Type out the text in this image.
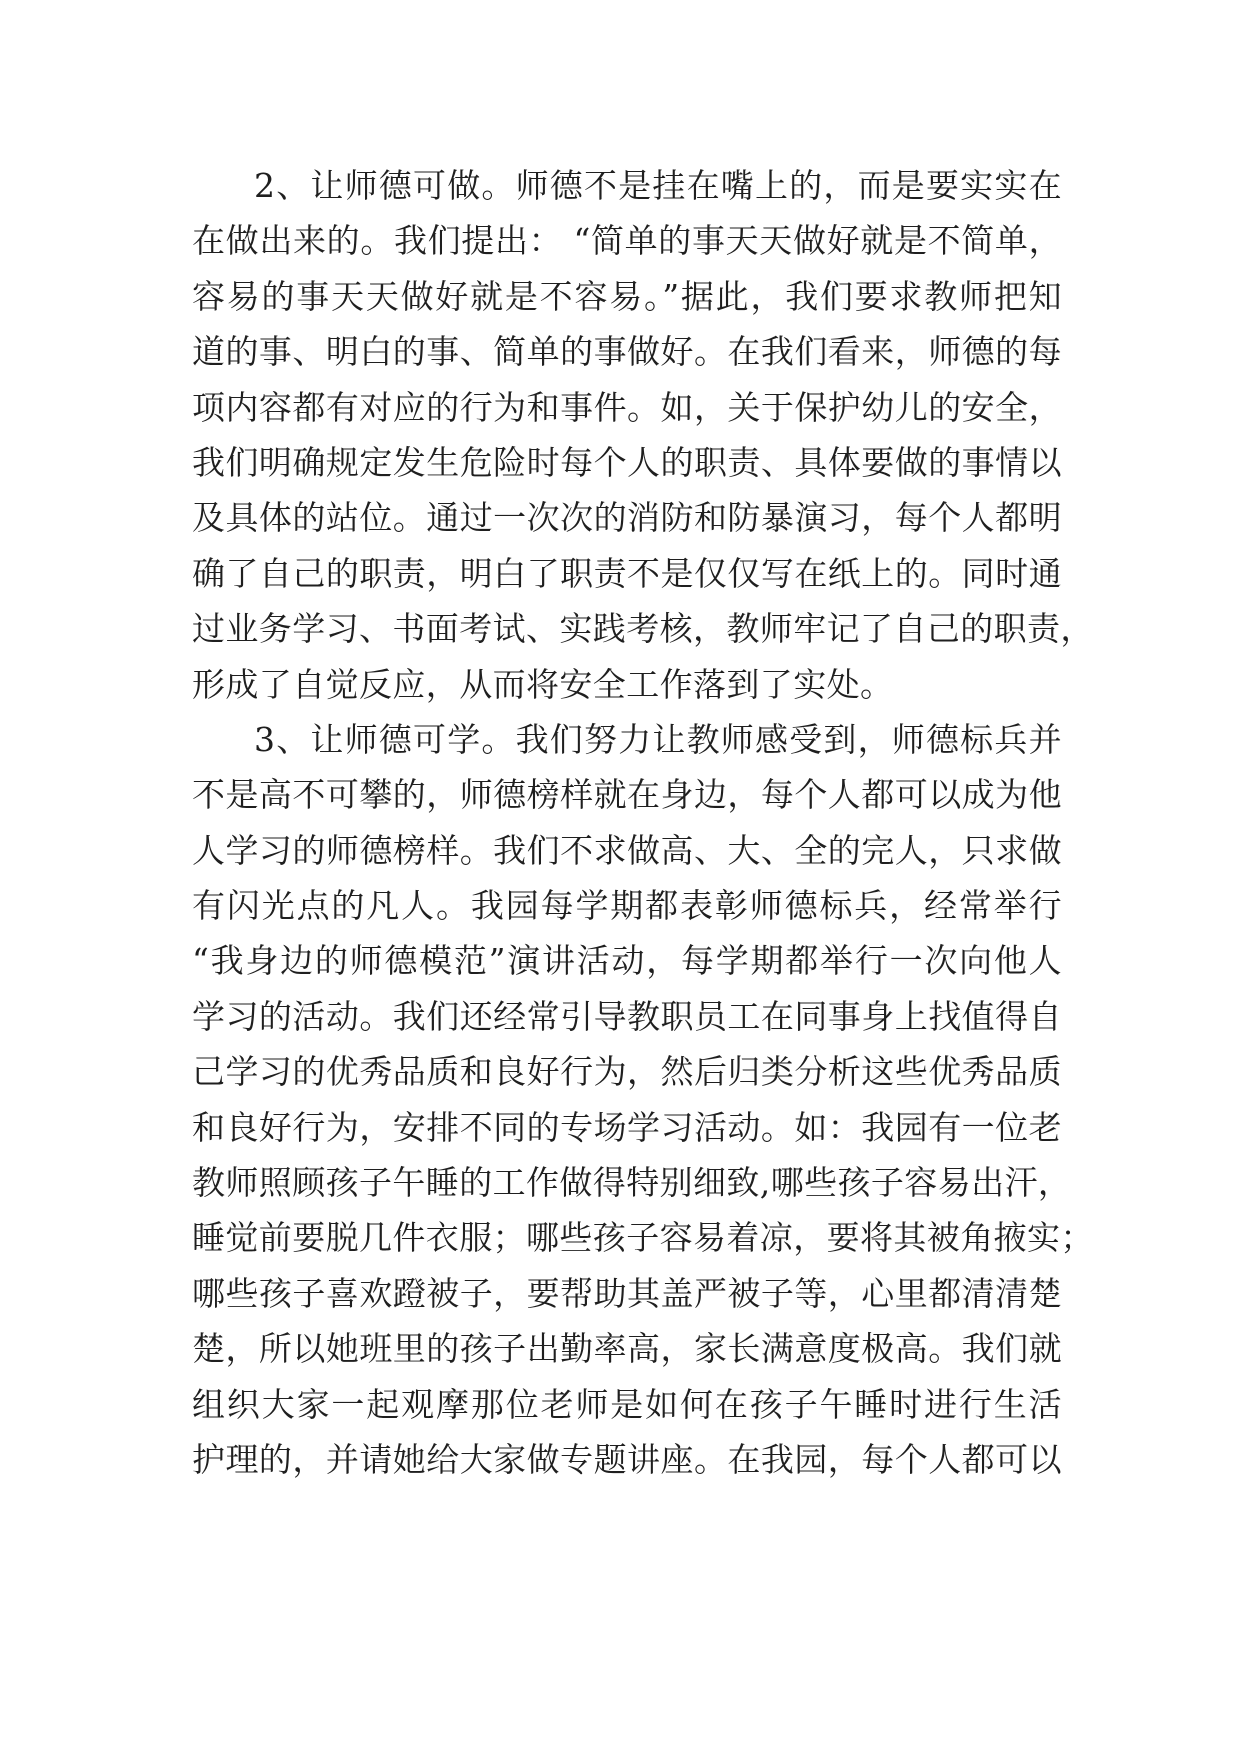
2、让师德可做。师德不是挂在嘴上的，而是要实实在
在做出来的。我们提出： “简单的事天天做好就是不简单，
容易的事天天做好就是不容易。”据此，我们要求教师把知
道的事、明白的事、简单的事做好。在我们看来，师德的每
项内容都有对应的行为和事件。如，关于保护幼儿的安全，
我们明确规定发生危险时每个人的职责、具体要做的事情以
及具体的站位。通过一次次的消防和防暴演习，每个人都明
确了自己的职责，明白了职责不是仅仅写在纸上的。同时通
过业务学习、书面考试、实践考核，教师牢记了自己的职责，
形成了自觉反应，从而将安全工作落到了实处。
3、让师德可学。我们努力让教师感受到，师德标兵并
不是高不可攀的，师德榜样就在身边，每个人都可以成为他
人学习的师德榜样。我们不求做高、大、全的完人，只求做
有闪光点的凡人。我园每学期都表彰师德标兵，经常举行
“我身边的师德模范”演讲活动，每学期都举行一次向他人
学习的活动。我们还经常引导教职员工在同事身上找值得自
己学习的优秀品质和良好行为，然后归类分析这些优秀品质
和良好行为，安排不同的专场学习活动。如：我园有一位老
教师照顾孩子午睡的工作做得特别细致,哪些孩子容易出汗，
睡觉前要脱几件衣服；哪些孩子容易着凉，要将其被角掖实；
哪些孩子喜欢蹬被子，要帮助其盖严被子等，心里都清清楚
楚，所以她班里的孩子出勤率高，家长满意度极高。我们就
组织大家一起观摩那位老师是如何在孩子午睡时进行生活
护理的，并请她给大家做专题讲座。在我园，每个人都可以
